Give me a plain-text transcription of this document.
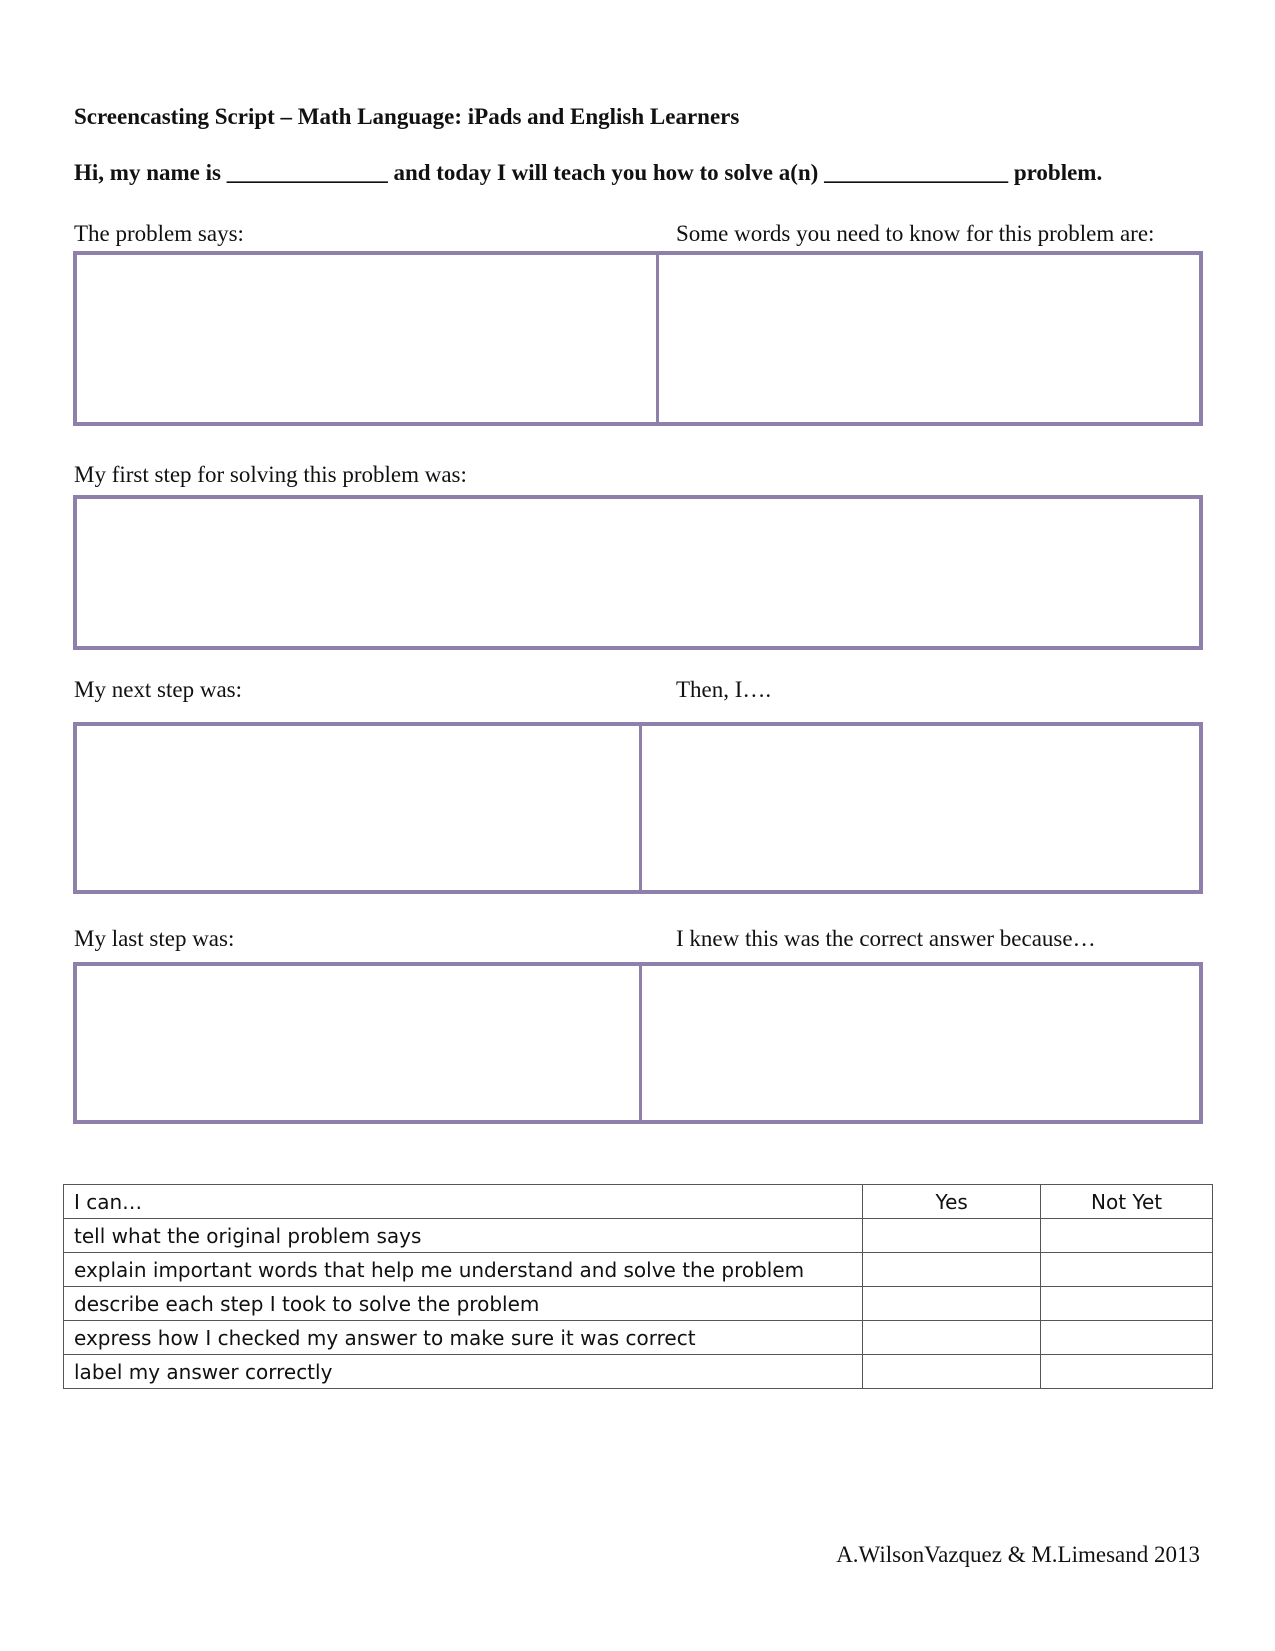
Screencasting Script – Math Language: iPads and English Learners
Hi, my name is ______________ and today I will teach you how to solve a(n) ________________ problem.
The problem says:	Some words you need to know for this problem are:
My first step for solving this problem was:
My next step was:	Then, I….
My last step was:	I knew this was the correct answer because…
I can…	Yes	Not Yet
tell what the original problem says		
explain important words that help me understand and solve the problem		
describe each step I took to solve the problem		
express how I checked my answer to make sure it was correct		
label my answer correctly		
A.WilsonVazquez & M.Limesand 2013
